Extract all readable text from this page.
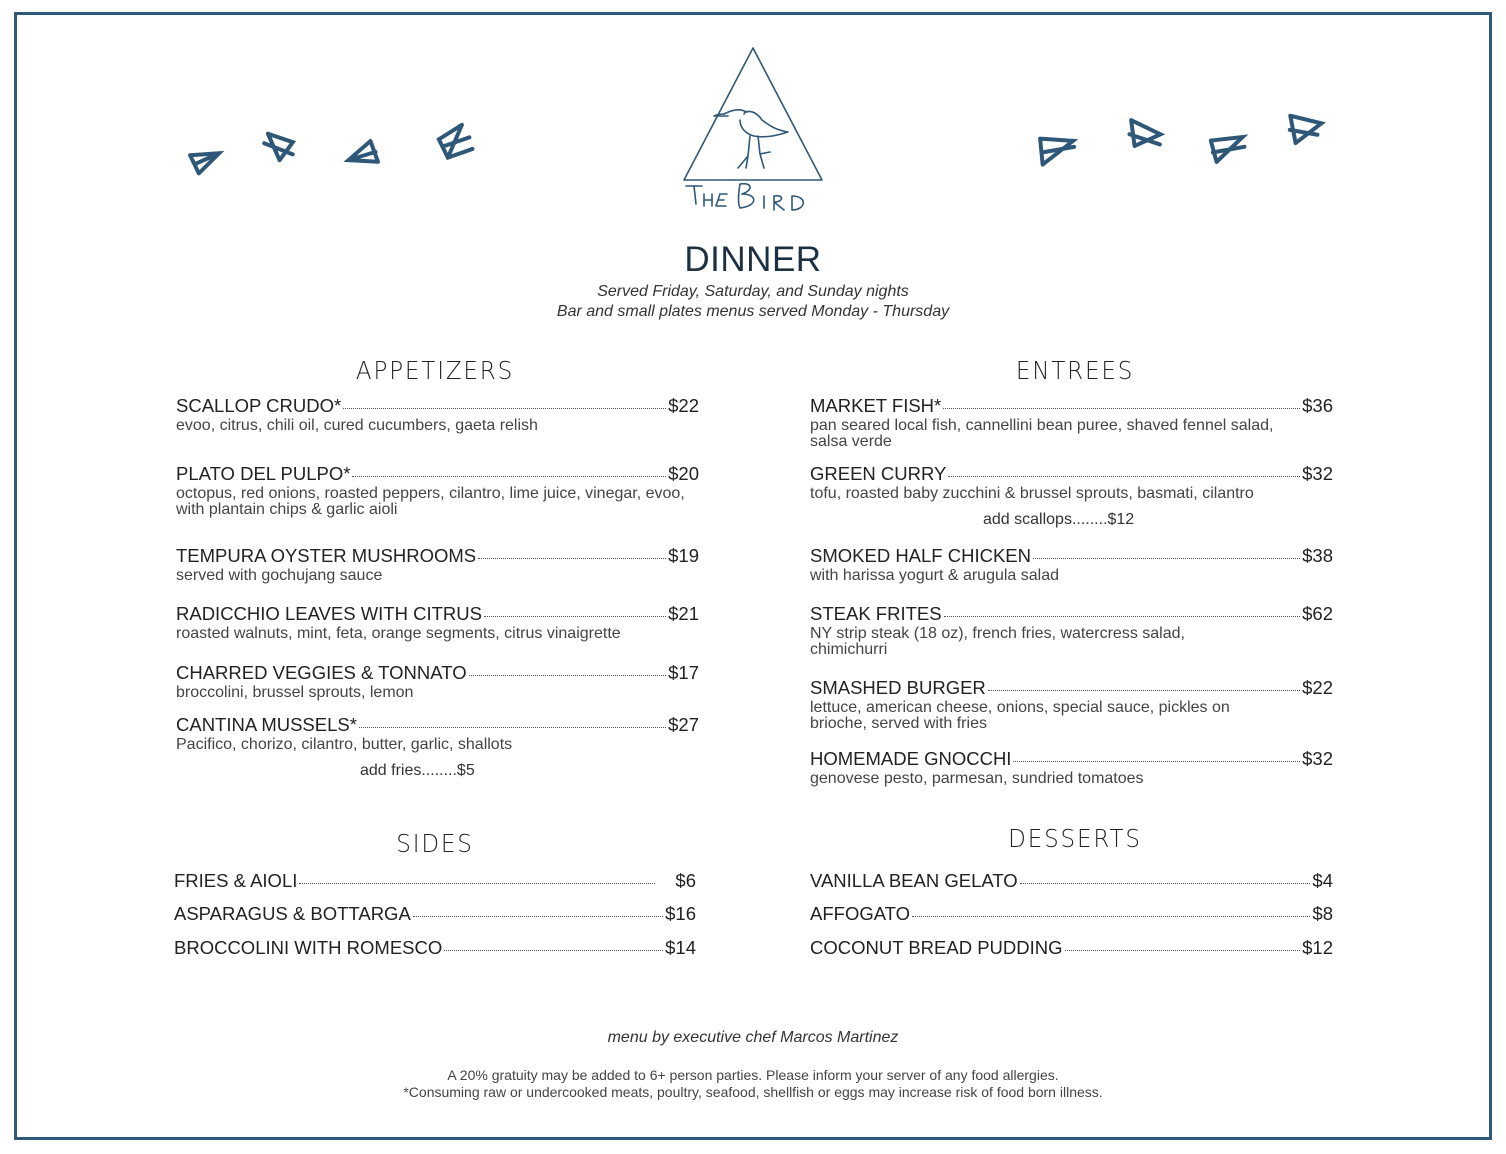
DINNER
Served Friday, Saturday, and Sunday nights
Bar and small plates menus served Monday - Thursday
APPETIZERS	ENTREES
SIDES	DESSERTS
SCALLOP CRUDO*	$22
evoo, citrus, chili oil, cured cucumbers, gaeta relish
PLATO DEL PULPO*	$20
octopus, red onions, roasted peppers, cilantro, lime juice, vinegar, evoo, with plantain chips & garlic aioli
TEMPURA OYSTER MUSHROOMS	$19
served with gochujang sauce
RADICCHIO LEAVES WITH CITRUS	$21
roasted walnuts, mint, feta, orange segments, citrus vinaigrette
CHARRED VEGGIES & TONNATO	$17
broccolini, brussel sprouts, lemon
CANTINA MUSSELS*	$27
Pacifico, chorizo, cilantro, butter, garlic, shallots
add fries........$5
MARKET FISH*	$36
pan seared local fish, cannellini bean puree, shaved fennel salad, salsa verde
GREEN CURRY	$32
tofu, roasted baby zucchini & brussel sprouts, basmati, cilantro
add scallops........$12
SMOKED HALF CHICKEN	$38
with harissa yogurt & arugula salad
STEAK FRITES	$62
NY strip steak (18 oz), french fries, watercress salad, chimichurri
SMASHED BURGER	$22
lettuce, american cheese, onions, special sauce, pickles on brioche, served with fries
HOMEMADE GNOCCHI	$32
genovese pesto, parmesan, sundried tomatoes
FRIES & AIOLI	$6
ASPARAGUS & BOTTARGA	$16
BROCCOLINI WITH ROMESCO	$14
VANILLA BEAN GELATO	$4
AFFOGATO	$8
COCONUT BREAD PUDDING	$12
menu by executive chef Marcos Martinez
A 20% gratuity may be added to 6+ person parties. Please inform your server of any food allergies.
*Consuming raw or undercooked meats, poultry, seafood, shellfish or eggs may increase risk of food born illness.
